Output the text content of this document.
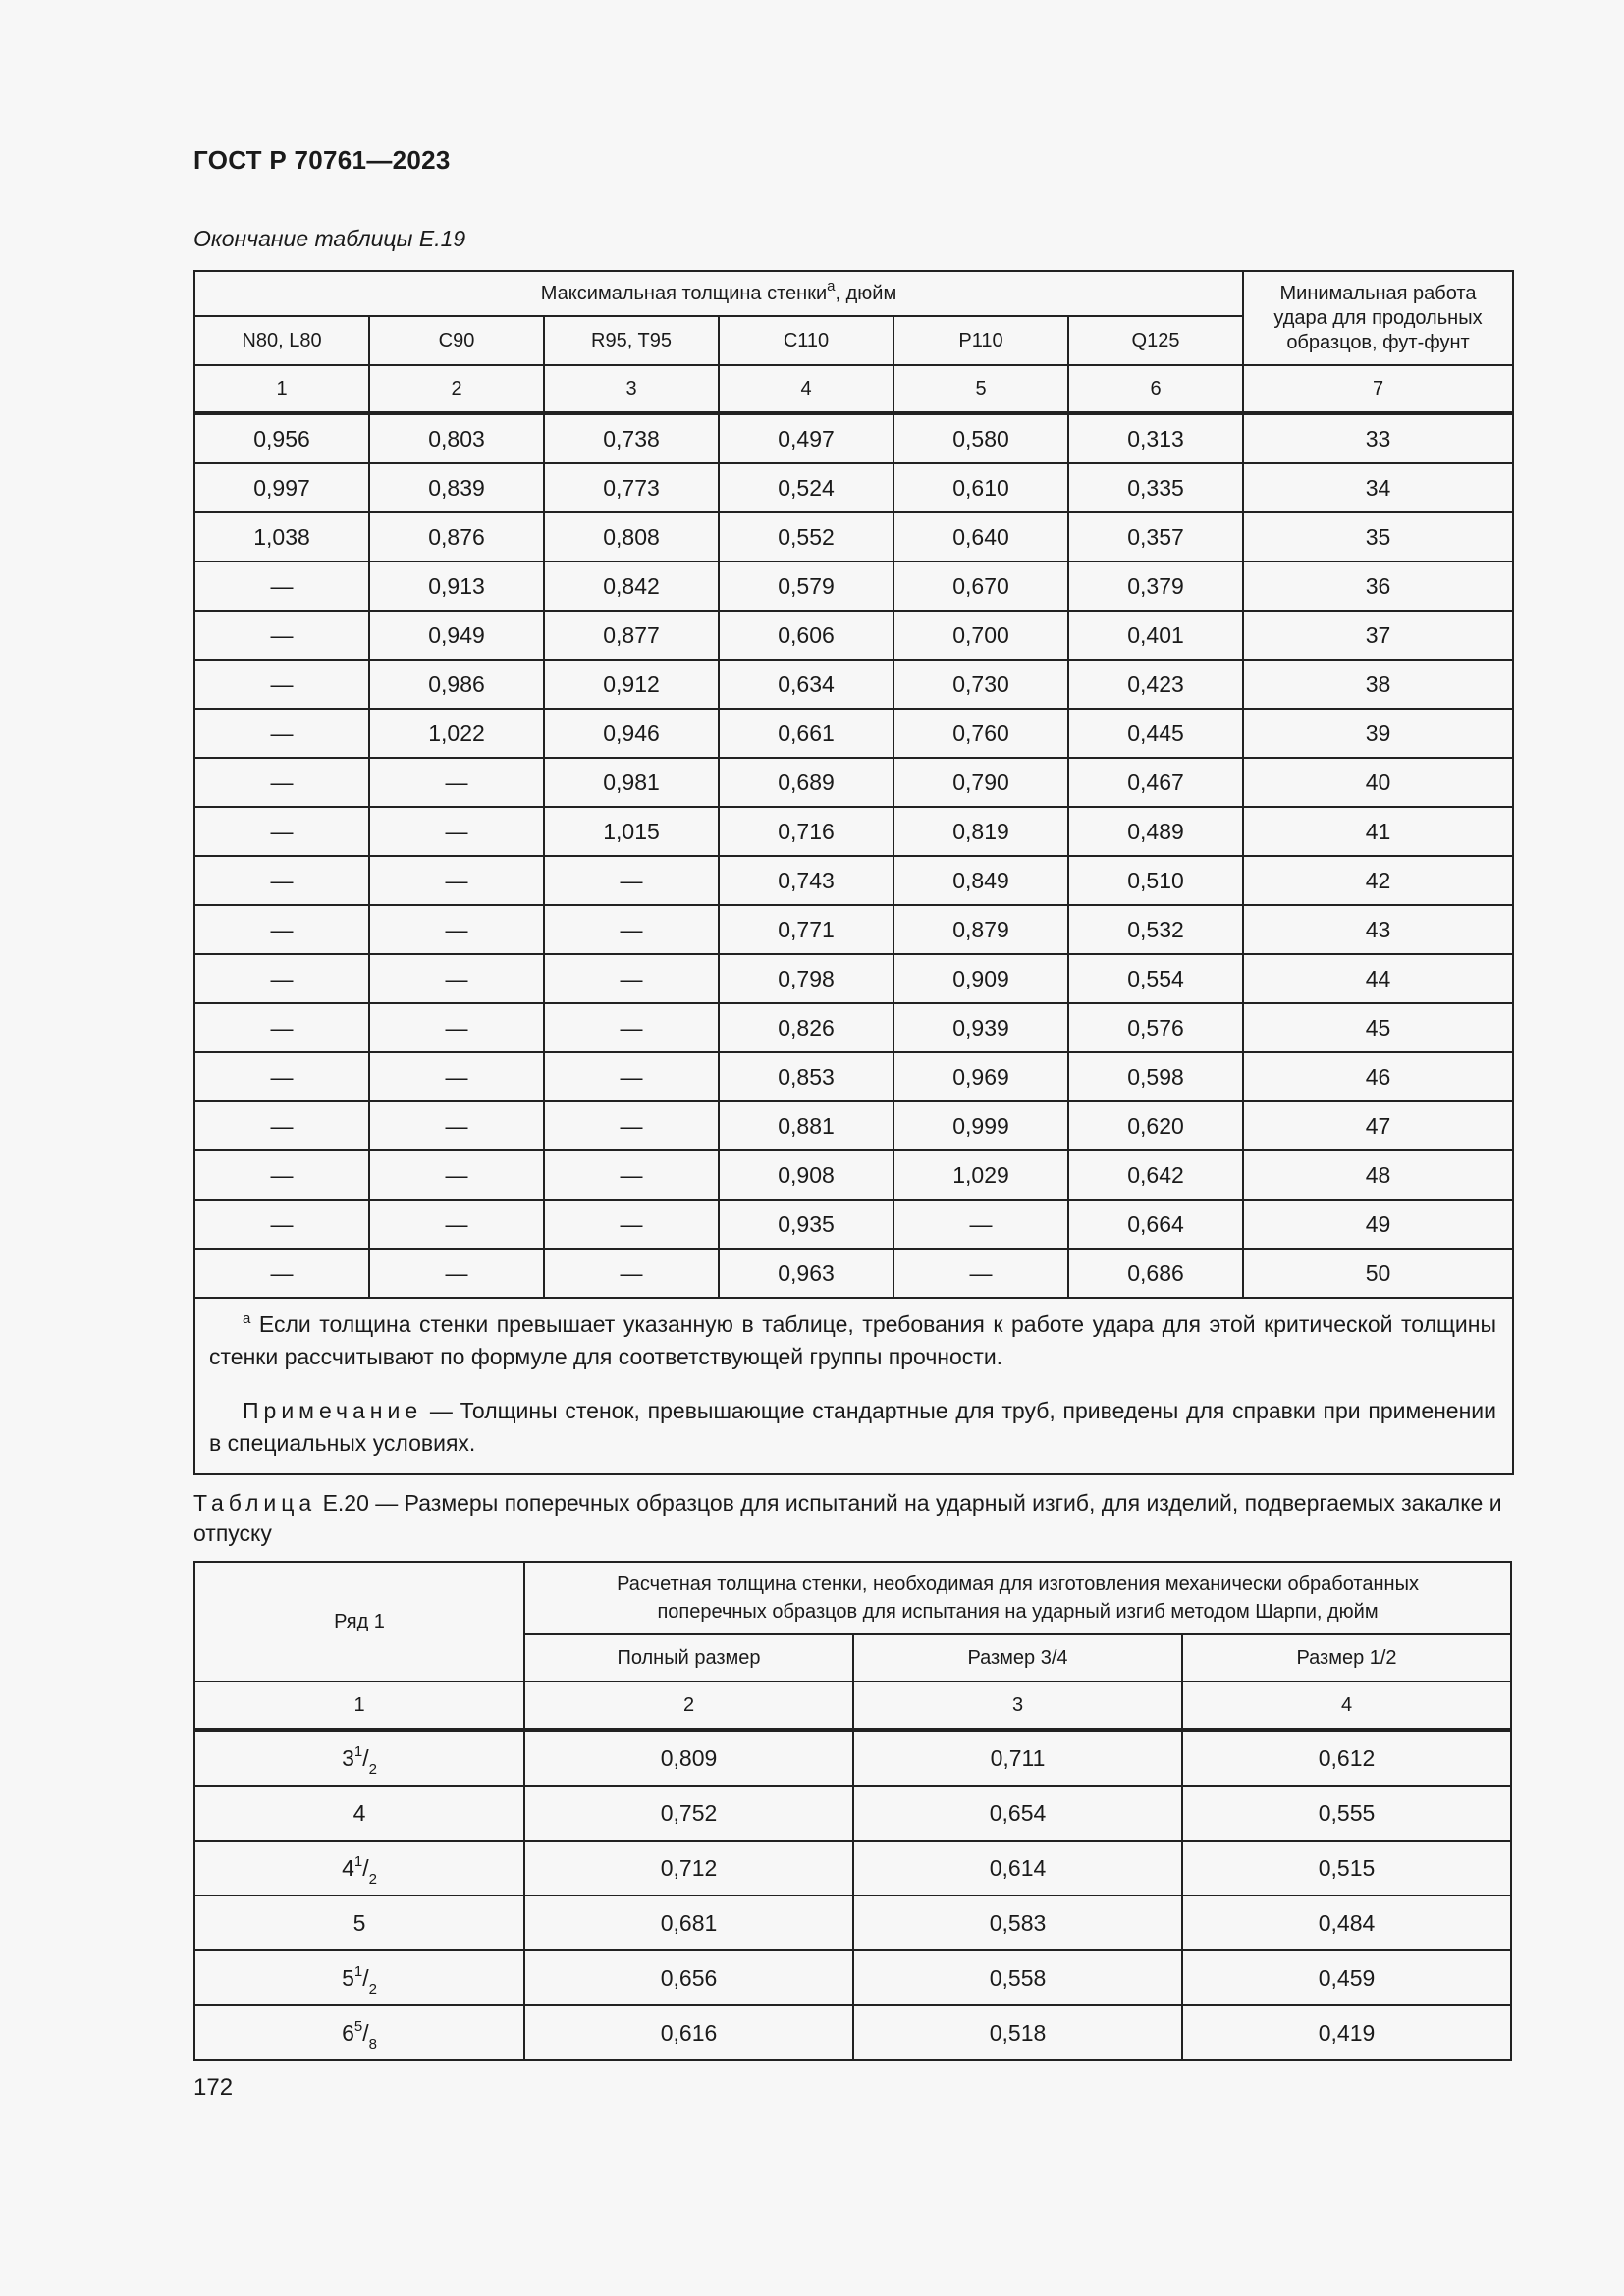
ГОСТ Р 70761—2023
Окончание таблицы Е.19
Максимальная толщина стенки$^а$, дюйм						Минимальная работа удара для продольных образцов, фут-фунт
N80, L80	C90	R95, T95	C110	P110	Q125	
1	2	3	4	5	6	7
0,956	0,803	0,738	0,497	0,580	0,313	33
0,997	0,839	0,773	0,524	0,610	0,335	34
1,038	0,876	0,808	0,552	0,640	0,357	35
—	0,913	0,842	0,579	0,670	0,379	36
—	0,949	0,877	0,606	0,700	0,401	37
—	0,986	0,912	0,634	0,730	0,423	38
—	1,022	0,946	0,661	0,760	0,445	39
—	—	0,981	0,689	0,790	0,467	40
—	—	1,015	0,716	0,819	0,489	41
—	—	—	0,743	0,849	0,510	42
—	—	—	0,771	0,879	0,532	43
—	—	—	0,798	0,909	0,554	44
—	—	—	0,826	0,939	0,576	45
—	—	—	0,853	0,969	0,598	46
—	—	—	0,881	0,999	0,620	47
—	—	—	0,908	1,029	0,642	48
—	—	—	0,935	—	0,664	49
—	—	—	0,963	—	0,686	50

$^а$ Если толщина стенки превышает указанную в таблице, требования к работе удара для этой критической толщины стенки рассчитывают по формуле для соответствующей группы прочности.

Примечание — Толщины стенок, превышающие стандартные для труб, приведены для справки при применении в специальных условиях.						

Таблица Е.20 — Размеры поперечных образцов для испытаний на ударный изгиб, для изделий, подвергаемых закалке и отпуску
Ряд 1	Расчетная толщина стенки, необходимая для изготовления механически обработанных поперечных образцов для испытания на ударный изгиб методом Шарпи, дюйм		
	Полный размер	Размер 3/4	Размер 1/2
1	2	3	4
$3^1/_2$	0,809	0,711	0,612
4	0,752	0,654	0,555
$4^1/_2$	0,712	0,614	0,515
5	0,681	0,583	0,484
$5^1/_2$	0,656	0,558	0,459
$6^5/_8$	0,616	0,518	0,419
172
